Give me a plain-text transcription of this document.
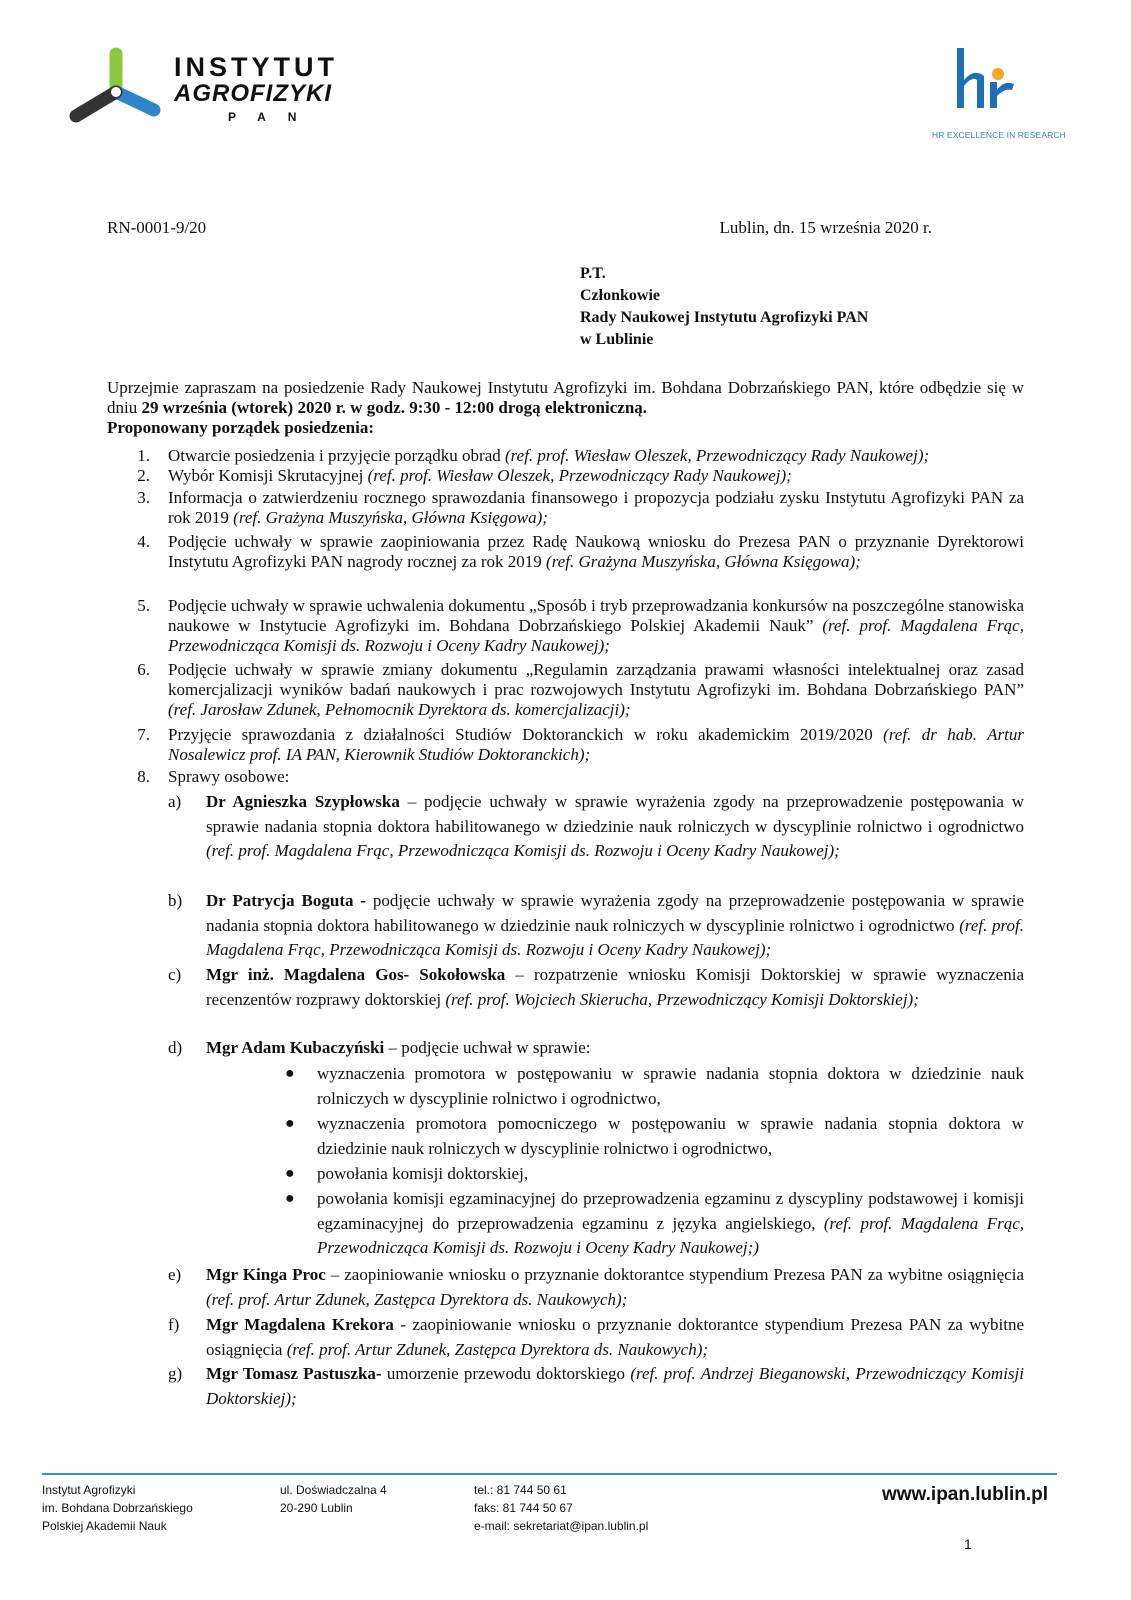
INSTYTUT
AGROFIZYKI
PAN
HR EXCELLENCE IN RESEARCH
RN-0001-9/20	Lublin, dn. 15 września 2020 r.
P.T.
Członkowie
Rady Naukowej Instytutu Agrofizyki PAN
w Lublinie
Uprzejmie zapraszam na posiedzenie Rady Naukowej Instytutu Agrofizyki im. Bohdana Dobrzańskiego PAN, które odbędzie się w dniu 29 września (wtorek) 2020 r. w godz. 9:30 - 12:00 drogą elektroniczną.
Proponowany porządek posiedzenia:
1. Otwarcie posiedzenia i przyjęcie porządku obrad (ref. prof. Wiesław Oleszek, Przewodniczący Rady Naukowej);
2. Wybór Komisji Skrutacyjnej (ref. prof. Wiesław Oleszek, Przewodniczący Rady Naukowej);
3. Informacja o zatwierdzeniu rocznego sprawozdania finansowego i propozycja podziału zysku Instytutu Agrofizyki PAN za rok 2019 (ref. Grażyna Muszyńska, Główna Księgowa);
4. Podjęcie uchwały w sprawie zaopiniowania przez Radę Naukową wniosku do Prezesa PAN o przyznanie Dyrektorowi Instytutu Agrofizyki PAN nagrody rocznej za rok 2019 (ref. Grażyna Muszyńska, Główna Księgowa);
5. Podjęcie uchwały w sprawie uchwalenia dokumentu „Sposób i tryb przeprowadzania konkursów na poszczególne stanowiska naukowe w Instytucie Agrofizyki im. Bohdana Dobrzańskiego Polskiej Akademii Nauk” (ref. prof. Magdalena Frąc, Przewodnicząca Komisji ds. Rozwoju i Oceny Kadry Naukowej);
6. Podjęcie uchwały w sprawie zmiany dokumentu „Regulamin zarządzania prawami własności intelektualnej oraz zasad komercjalizacji wyników badań naukowych i prac rozwojowych Instytutu Agrofizyki im. Bohdana Dobrzańskiego PAN” (ref. Jarosław Zdunek, Pełnomocnik Dyrektora ds. komercjalizacji);
7. Przyjęcie sprawozdania z działalności Studiów Doktoranckich w roku akademickim 2019/2020 (ref. dr hab. Artur Nosalewicz prof. IA PAN, Kierownik Studiów Doktoranckich);
8. Sprawy osobowe:
a) Dr Agnieszka Szypłowska – podjęcie uchwały w sprawie wyrażenia zgody na przeprowadzenie postępowania w sprawie nadania stopnia doktora habilitowanego w dziedzinie nauk rolniczych w dyscyplinie rolnictwo i ogrodnictwo (ref. prof. Magdalena Frąc, Przewodnicząca Komisji ds. Rozwoju i Oceny Kadry Naukowej);
b) Dr Patrycja Boguta - podjęcie uchwały w sprawie wyrażenia zgody na przeprowadzenie postępowania w sprawie nadania stopnia doktora habilitowanego w dziedzinie nauk rolniczych w dyscyplinie rolnictwo i ogrodnictwo (ref. prof. Magdalena Frąc, Przewodnicząca Komisji ds. Rozwoju i Oceny Kadry Naukowej);
c) Mgr inż. Magdalena Gos- Sokołowska – rozpatrzenie wniosku Komisji Doktorskiej w sprawie wyznaczenia recenzentów rozprawy doktorskiej (ref. prof. Wojciech Skierucha, Przewodniczący Komisji Doktorskiej);
d) Mgr Adam Kubaczyński – podjęcie uchwał w sprawie:
● wyznaczenia promotora w postępowaniu w sprawie nadania stopnia doktora w dziedzinie nauk rolniczych w dyscyplinie rolnictwo i ogrodnictwo,
● wyznaczenia promotora pomocniczego w postępowaniu w sprawie nadania stopnia doktora w dziedzinie nauk rolniczych w dyscyplinie rolnictwo i ogrodnictwo,
● powołania komisji doktorskiej,
● powołania komisji egzaminacyjnej do przeprowadzenia egzaminu z dyscypliny podstawowej i komisji egzaminacyjnej do przeprowadzenia egzaminu z języka angielskiego, (ref. prof. Magdalena Frąc, Przewodnicząca Komisji ds. Rozwoju i Oceny Kadry Naukowej;)
e) Mgr Kinga Proc – zaopiniowanie wniosku o przyznanie doktorantce stypendium Prezesa PAN za wybitne osiągnięcia (ref. prof. Artur Zdunek, Zastępca Dyrektora ds. Naukowych);
f) Mgr Magdalena Krekora - zaopiniowanie wniosku o przyznanie doktorantce stypendium Prezesa PAN za wybitne osiągnięcia (ref. prof. Artur Zdunek, Zastępca Dyrektora ds. Naukowych);
g) Mgr Tomasz Pastuszka- umorzenie przewodu doktorskiego (ref. prof. Andrzej Bieganowski, Przewodniczący Komisji Doktorskiej);
Instytut Agrofizyki
im. Bohdana Dobrzańskiego
Polskiej Akademii Nauk
ul. Doświadczalna 4
20-290 Lublin
tel.: 81 744 50 61
faks: 81 744 50 67
e-mail: sekretariat@ipan.lublin.pl
www.ipan.lublin.pl
1
